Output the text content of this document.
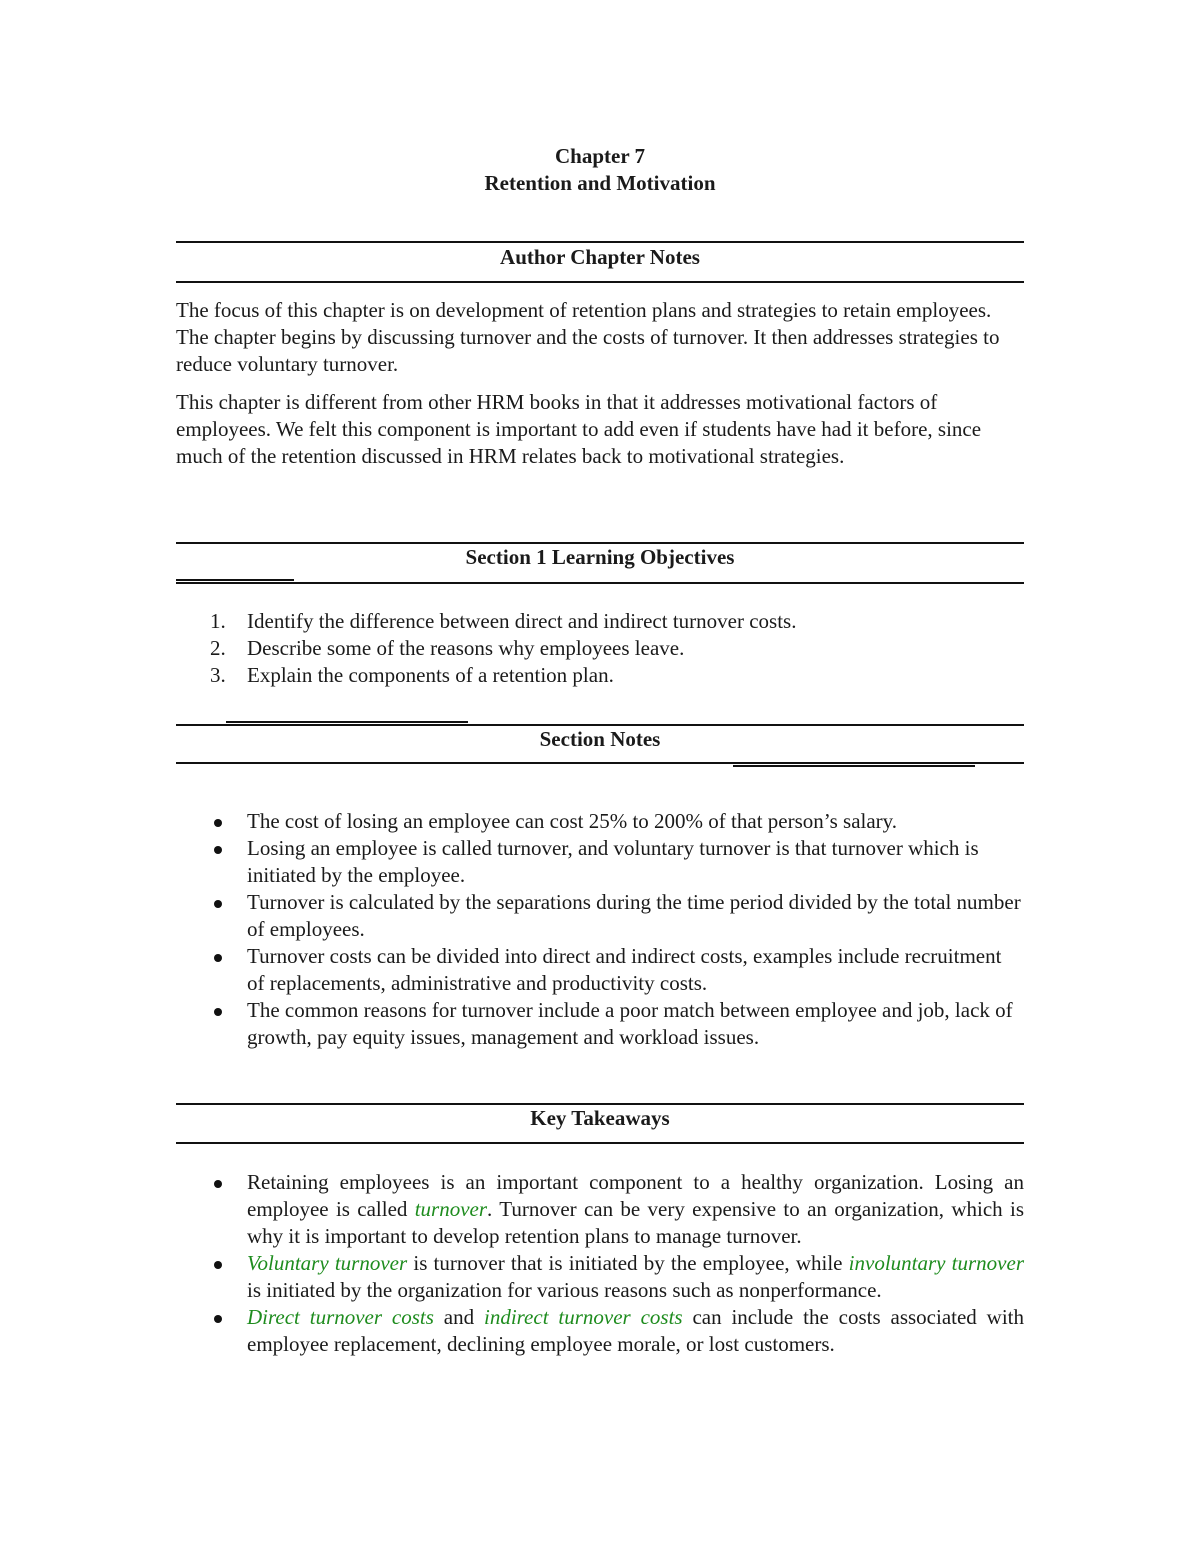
Chapter 7
Retention and Motivation
Author Chapter Notes

The focus of this chapter is on development of retention plans and strategies to retain employees. The chapter begins by discussing turnover and the costs of turnover. It then addresses strategies to reduce voluntary turnover.

This chapter is different from other HRM books in that it addresses motivational factors of employees. We felt this component is important to add even if students have had it before, since much of the retention discussed in HRM relates back to motivational strategies.

Section 1 Learning Objectives
1.	Identify the difference between direct and indirect turnover costs.
2.	Describe some of the reasons why employees leave.
3.	Explain the components of a retention plan.
Section Notes
The cost of losing an employee can cost 25% to 200% of that person’s salary.
Losing an employee is called turnover, and voluntary turnover is that turnover which is initiated by the employee.
Turnover is calculated by the separations during the time period divided by the total number of employees.
Turnover costs can be divided into direct and indirect costs, examples include recruitment of replacements, administrative and productivity costs.
The common reasons for turnover include a poor match between employee and job, lack of growth, pay equity issues, management and workload issues.
Key Takeaways
Retaining employees is an important component to a healthy organization. Losing an employee is called turnover. Turnover can be very expensive to an organization, which is why it is important to develop retention plans to manage turnover.
Voluntary turnover is turnover that is initiated by the employee, while involuntary turnover is initiated by the organization for various reasons such as nonperformance.
Direct turnover costs and indirect turnover costs can include the costs associated with employee replacement, declining employee morale, or lost customers.
